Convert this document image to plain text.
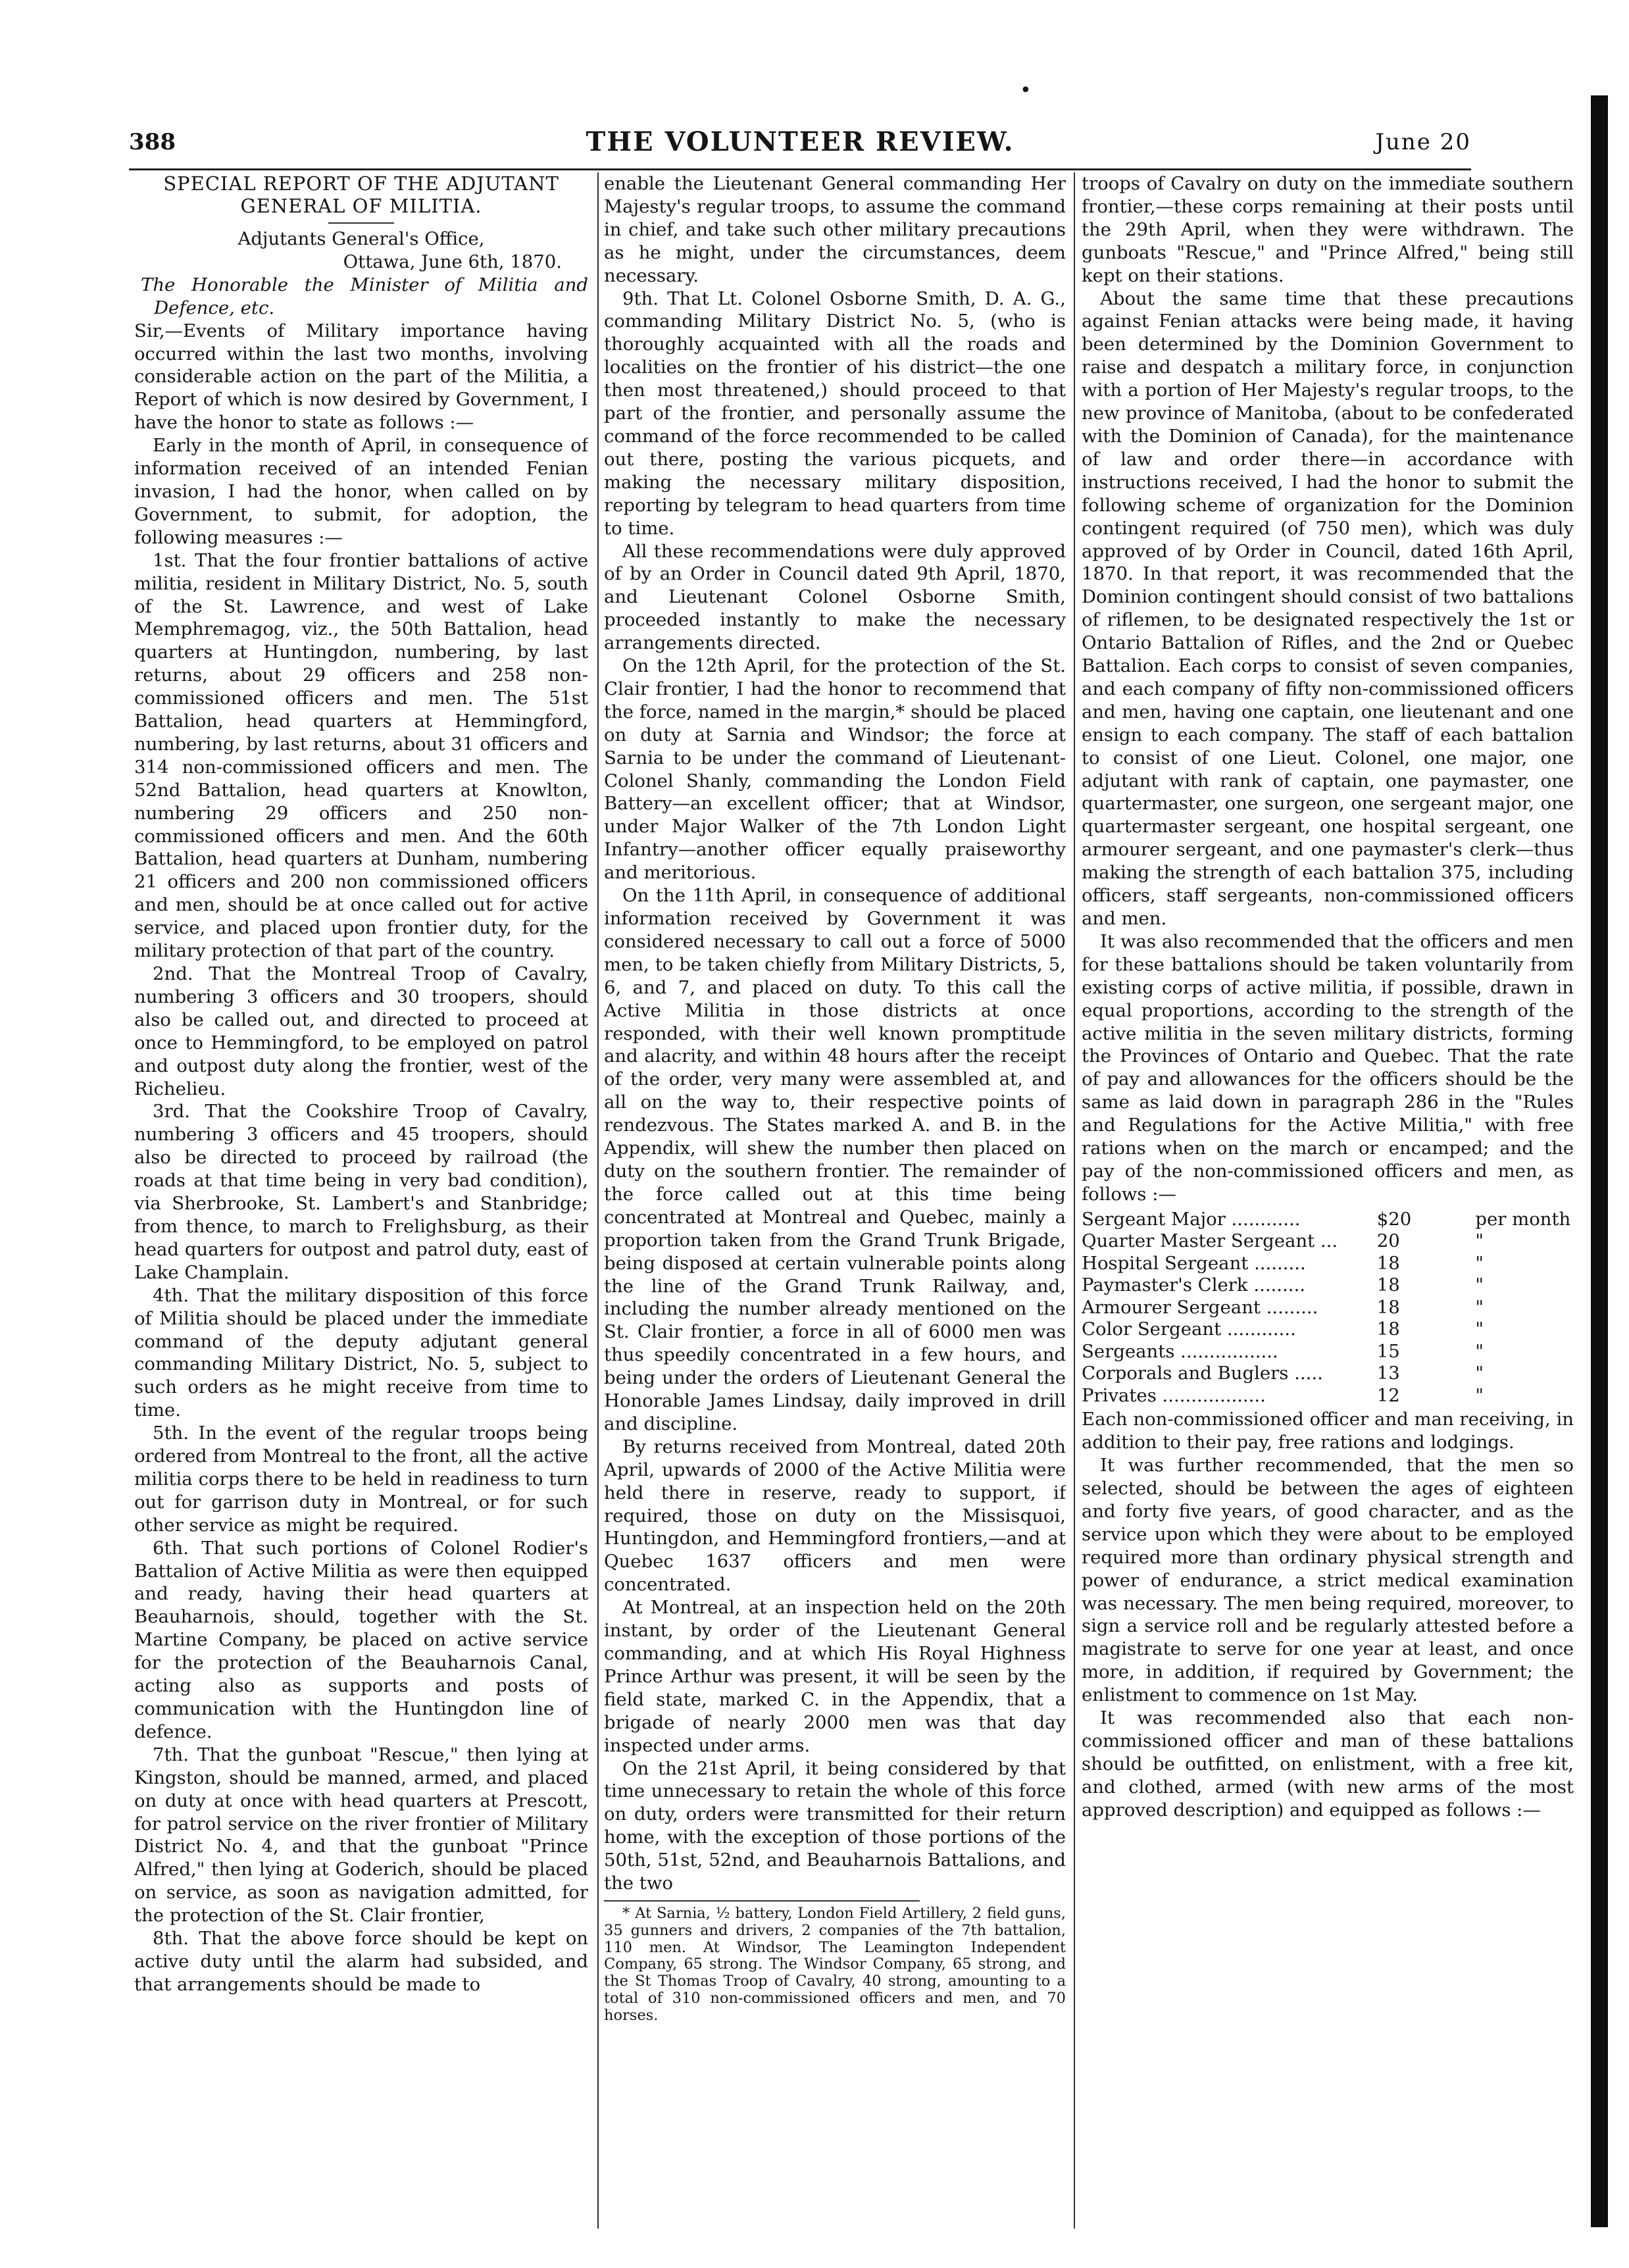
•
388	THE VOLUNTEER REVIEW.	June 20
SPECIAL REPORT OF THE ADJUTANT
GENERAL OF MILITIA.
Adjutants General's Office,
Ottawa, June 6th, 1870.
The Honorable the Minister of Militia and Defence, etc.

Sir,—Events of Military importance having occurred within the last two months, involving considerable action on the part of the Militia, a Report of which is now desired by Government, I have the honor to state as follows :—

Early in the month of April, in consequence of information received of an intended Fenian invasion, I had the honor, when called on by Government, to submit, for adoption, the following measures :—

1st. That the four frontier battalions of active militia, resident in Military District, No. 5, south of the St. Lawrence, and west of Lake Memphremagog, viz., the 50th Battalion, head quarters at Huntingdon, numbering, by last returns, about 29 officers and 258 non-commissioned officers and men. The 51st Battalion, head quarters at Hemmingford, numbering, by last returns, about 31 officers and 314 non-commissioned officers and men. The 52nd Battalion, head quarters at Knowlton, numbering 29 officers and 250 non-commissioned officers and men. And the 60th Battalion, head quarters at Dunham, numbering 21 officers and 200 non commissioned officers and men, should be at once called out for active service, and placed upon frontier duty, for the military protection of that part of the country.

2nd. That the Montreal Troop of Cavalry, numbering 3 officers and 30 troopers, should also be called out, and directed to proceed at once to Hemmingford, to be employed on patrol and outpost duty along the frontier, west of the Richelieu.

3rd. That the Cookshire Troop of Cavalry, numbering 3 officers and 45 troopers, should also be directed to proceed by railroad (the roads at that time being in very bad condition), via Sherbrooke, St. Lambert's and Stanbridge; from thence, to march to Frelighsburg, as their head quarters for outpost and patrol duty, east of Lake Champlain.

4th. That the military disposition of this force of Militia should be placed under the immediate command of the deputy adjutant general commanding Military District, No. 5, subject to such orders as he might receive from time to time.

5th. In the event of the regular troops being ordered from Montreal to the front, all the active militia corps there to be held in readiness to turn out for garrison duty in Montreal, or for such other service as might be required.

6th. That such portions of Colonel Rodier's Battalion of Active Militia as were then equipped and ready, having their head quarters at Beauharnois, should, together with the St. Martine Company, be placed on active service for the protection of the Beauharnois Canal, acting also as supports and posts of communication with the Huntingdon line of defence.

7th. That the gunboat "Rescue," then lying at Kingston, should be manned, armed, and placed on duty at once with head quarters at Prescott, for patrol service on the river frontier of Military District No. 4, and that the gunboat "Prince Alfred," then lying at Goderich, should be placed on service, as soon as navigation admitted, for the protection of the St. Clair frontier,

8th. That the above force should be kept on active duty until the alarm had subsided, and that arrangements should be made to

enable the Lieutenant General commanding Her Majesty's regular troops, to assume the command in chief, and take such other military precautions as he might, under the circumstances, deem necessary.

9th. That Lt. Colonel Osborne Smith, D. A. G., commanding Military District No. 5, (who is thoroughly acquainted with all the roads and localities on the frontier of his district—the one then most threatened,) should proceed to that part of the frontier, and personally assume the command of the force recommended to be called out there, posting the various picquets, and making the necessary military disposition, reporting by telegram to head quarters from time to time.

All these recommendations were duly approved of by an Order in Council dated 9th April, 1870, and Lieutenant Colonel Osborne Smith, proceeded instantly to make the necessary arrangements directed.

On the 12th April, for the protection of the St. Clair frontier, I had the honor to recommend that the force, named in the margin,* should be placed on duty at Sarnia and Windsor; the force at Sarnia to be under the command of Lieutenant-Colonel Shanly, commanding the London Field Battery—an excellent officer; that at Windsor, under Major Walker of the 7th London Light Infantry—another officer equally praiseworthy and meritorious.

On the 11th April, in consequence of additional information received by Government it was considered necessary to call out a force of 5000 men, to be taken chiefly from Military Districts, 5, 6, and 7, and placed on duty. To this call the Active Militia in those districts at once responded, with their well known promptitude and alacrity, and within 48 hours after the receipt of the order, very many were assembled at, and all on the way to, their respective points of rendezvous. The States marked A. and B. in the Appendix, will shew the number then placed on duty on the southern frontier. The remainder of the force called out at this time being concentrated at Montreal and Quebec, mainly a proportion taken from the Grand Trunk Brigade, being disposed at certain vulnerable points along the line of the Grand Trunk Railway, and, including the number already mentioned on the St. Clair frontier, a force in all of 6000 men was thus speedily concentrated in a few hours, and being under the orders of Lieutenant General the Honorable James Lindsay, daily improved in drill and discipline.

By returns received from Montreal, dated 20th April, upwards of 2000 of the Active Militia were held there in reserve, ready to support, if required, those on duty on the Missisquoi, Huntingdon, and Hemmingford frontiers,—and at Quebec 1637 officers and men were concentrated.

At Montreal, at an inspection held on the 20th instant, by order of the Lieutenant General commanding, and at which His Royal Highness Prince Arthur was present, it will be seen by the field state, marked C. in the Appendix, that a brigade of nearly 2000 men was that day inspected under arms.

On the 21st April, it being considered by that time unnecessary to retain the whole of this force on duty, orders were transmitted for their return home, with the exception of those portions of the 50th, 51st, 52nd, and Beauharnois Battalions, and the two

* At Sarnia, ½ battery, London Field Artillery, 2 field guns, 35 gunners and drivers, 2 companies of the 7th battalion, 110 men. At Windsor, The Leamington Independent Company, 65 strong. The Windsor Company, 65 strong, and the St Thomas Troop of Cavalry, 40 strong, amounting to a total of 310 non-commissioned officers and men, and 70 horses.

troops of Cavalry on duty on the immediate southern frontier,—these corps remaining at their posts until the 29th April, when they were withdrawn. The gunboats "Rescue," and "Prince Alfred," being still kept on their stations.

About the same time that these precautions against Fenian attacks were being made, it having been determined by the Dominion Government to raise and despatch a military force, in conjunction with a portion of Her Majesty's regular troops, to the new province of Manitoba, (about to be confederated with the Dominion of Canada), for the maintenance of law and order there—in accordance with instructions received, I had the honor to submit the following scheme of organization for the Dominion contingent required (of 750 men), which was duly approved of by Order in Council, dated 16th April, 1870. In that report, it was recommended that the Dominion contingent should consist of two battalions of riflemen, to be designated respectively the 1st or Ontario Battalion of Rifles, and the 2nd or Quebec Battalion. Each corps to consist of seven companies, and each company of fifty non-commissioned officers and men, having one captain, one lieutenant and one ensign to each company. The staff of each battalion to consist of one Lieut. Colonel, one major, one adjutant with rank of captain, one paymaster, one quartermaster, one surgeon, one sergeant major, one quartermaster sergeant, one hospital sergeant, one armourer sergeant, and one paymaster's clerk—thus making the strength of each battalion 375, including officers, staff sergeants, non-commissioned officers and men.

It was also recommended that the officers and men for these battalions should be taken voluntarily from existing corps of active militia, if possible, drawn in equal proportions, according to the strength of the active militia in the seven military districts, forming the Provinces of Ontario and Quebec. That the rate of pay and allowances for the officers should be the same as laid down in paragraph 286 in the "Rules and Regulations for the Active Militia," with free rations when on the march or encamped; and the pay of the non-commissioned officers and men, as follows :—

Sergeant Major ............	$20	per month
Quarter Master Sergeant ...	20	"
Hospital Sergeant .........	18	"
Paymaster's Clerk .........	18	"
Armourer Sergeant .........	18	"
Color Sergeant ............	18	"
Sergeants .................	15	"
Corporals and Buglers .....	13	"
Privates ..................	12	"

Each non-commissioned officer and man receiving, in addition to their pay, free rations and lodgings.

It was further recommended, that the men so selected, should be between the ages of eighteen and forty five years, of good character, and as the service upon which they were about to be employed required more than ordinary physical strength and power of endurance, a strict medical examination was necessary. The men being required, moreover, to sign a service roll and be regularly attested before a magistrate to serve for one year at least, and once more, in addition, if required by Government; the enlistment to commence on 1st May.

It was recommended also that each non-commissioned officer and man of these battalions should be outfitted, on enlistment, with a free kit, and clothed, armed (with new arms of the most approved description) and equipped as follows :—
